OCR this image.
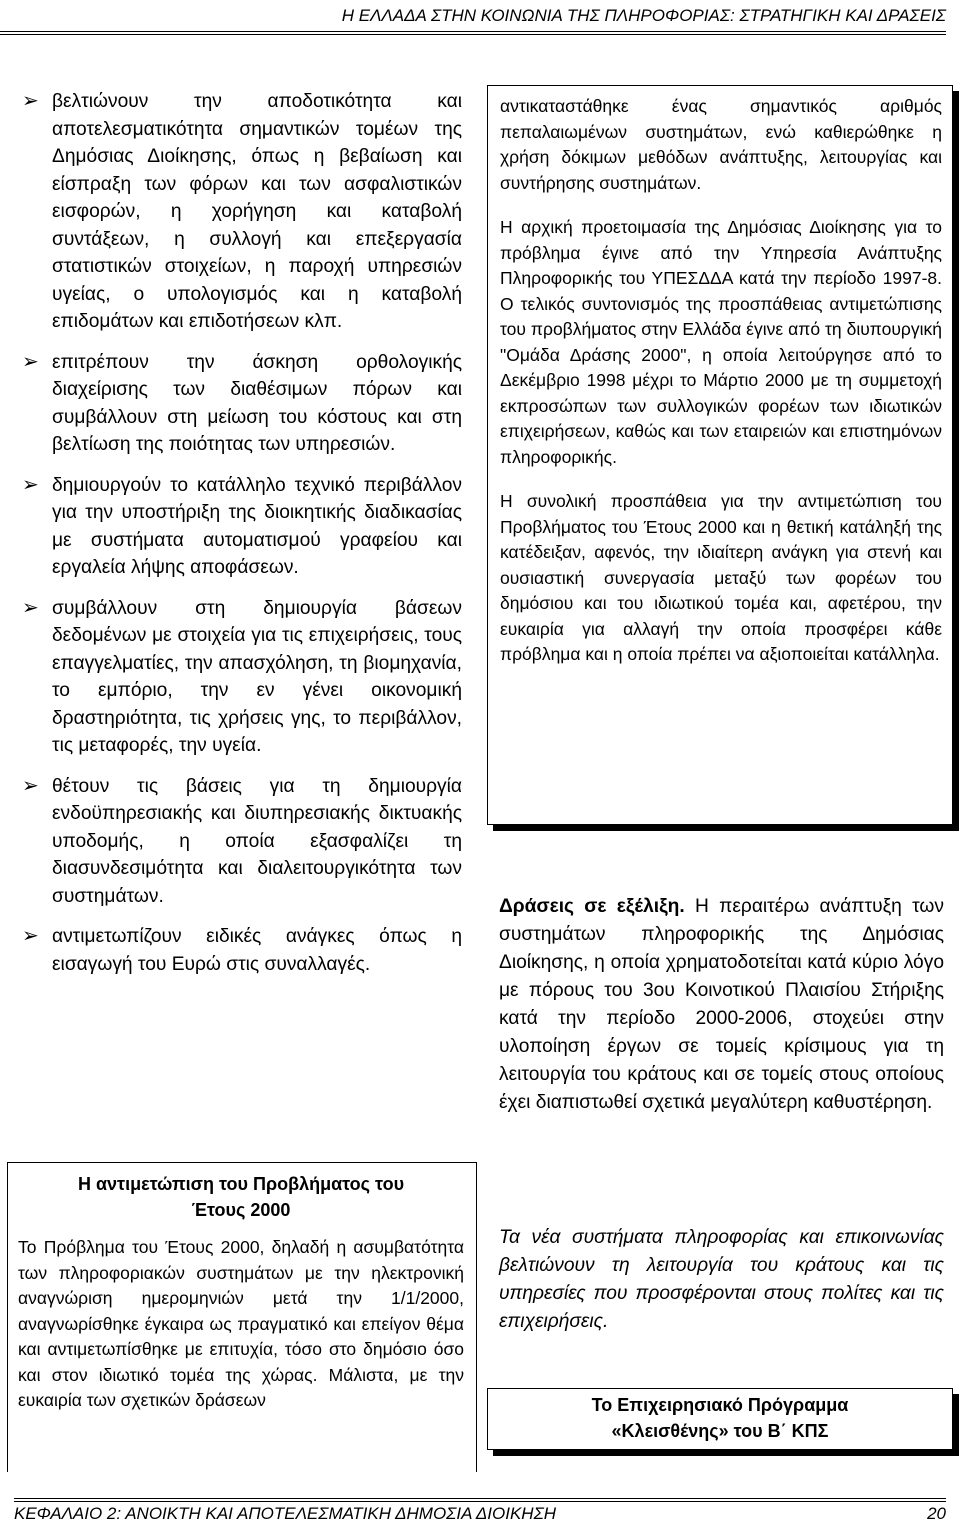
Η ΕΛΛΑΔΑ ΣΤΗΝ ΚΟΙΝΩΝΙΑ ΤΗΣ ΠΛΗΡΟΦΟΡΙΑΣ: ΣΤΡΑΤΗΓΙΚΗ ΚΑΙ ΔΡΑΣΕΙΣ
➢ βελτιώνουν την αποδοτικότητα και αποτελεσματικότητα σημαντικών τομέων της Δημόσιας Διοίκησης, όπως η βεβαίωση και είσπραξη των φόρων και των ασφαλιστικών εισφορών, η χορήγηση και καταβολή συντάξεων, η συλλογή και επεξεργασία στατιστικών στοιχείων, η παροχή υπηρεσιών υγείας, ο υπολογισμός και η καταβολή επιδομάτων και επιδοτήσεων κλπ.
➢ επιτρέπουν την άσκηση ορθολογικής διαχείρισης των διαθέσιμων πόρων και συμβάλλουν στη μείωση του κόστους και στη βελτίωση της ποιότητας των υπηρεσιών.
➢ δημιουργούν το κατάλληλο τεχνικό περιβάλλον για την υποστήριξη της διοικητικής διαδικασίας με συστήματα αυτοματισμού γραφείου και εργαλεία λήψης αποφάσεων.
➢ συμβάλλουν στη δημιουργία βάσεων δεδομένων με στοιχεία για τις επιχειρήσεις, τους επαγγελματίες, την απασχόληση, τη βιομηχανία, το εμπόριο, την εν γένει οικονομική δραστηριότητα, τις χρήσεις γης, το περιβάλλον, τις μεταφορές, την υγεία.
➢ θέτουν τις βάσεις για τη δημιουργία ενδοϋπηρεσιακής και διυπηρεσιακής δικτυακής υποδομής, η οποία εξασφαλίζει τη διασυνδεσιμότητα και διαλειτουργικότητα των συστημάτων.
➢ αντιμετωπίζουν ειδικές ανάγκες όπως η εισαγωγή του Ευρώ στις συναλλαγές.
Η αντιμετώπιση του Προβλήματος του
Έτους 2000
Το Πρόβλημα του Έτους 2000, δηλαδή η ασυμβατότητα των πληροφοριακών συστημάτων με την ηλεκτρονική αναγνώριση ημερομηνιών μετά την 1/1/2000, αναγνωρίσθηκε έγκαιρα ως πραγματικό και επείγον θέμα και αντιμετωπίσθηκε με επιτυχία, τόσο στο δημόσιο όσο και στον ιδιωτικό τομέα της χώρας. Μάλιστα, με την ευκαιρία των σχετικών δράσεων

αντικαταστάθηκε ένας σημαντικός αριθμός πεπαλαιωμένων συστημάτων, ενώ καθιερώθηκε η χρήση δόκιμων μεθόδων ανάπτυξης, λειτουργίας και συντήρησης συστημάτων.

Η αρχική προετοιμασία της Δημόσιας Διοίκησης για το πρόβλημα έγινε από την Υπηρεσία Ανάπτυξης Πληροφορικής του ΥΠΕΣΔΔΑ κατά την περίοδο 1997-8. Ο τελικός συντονισμός της προσπάθειας αντιμετώπισης του προβλήματος στην Ελλάδα έγινε από τη διυπουργική "Ομάδα Δράσης 2000", η οποία λειτούργησε από το Δεκέμβριο 1998 μέχρι το Μάρτιο 2000 με τη συμμετοχή εκπροσώπων των συλλογικών φορέων των ιδιωτικών επιχειρήσεων, καθώς και των εταιρειών και επιστημόνων πληροφορικής.

Η συνολική προσπάθεια για την αντιμετώπιση του Προβλήματος του Έτους 2000 και η θετική κατάληξή της κατέδειξαν, αφενός, την ιδιαίτερη ανάγκη για στενή και ουσιαστική συνεργασία μεταξύ των φορέων του δημόσιου και του ιδιωτικού τομέα και, αφετέρου, την ευκαιρία για αλλαγή την οποία προσφέρει κάθε πρόβλημα και η οποία πρέπει να αξιοποιείται κατάλληλα.

Δράσεις σε εξέλιξη. Η περαιτέρω ανάπτυξη των συστημάτων πληροφορικής της Δημόσιας Διοίκησης, η οποία χρηματοδοτείται κατά κύριο λόγο με πόρους του 3ου Κοινοτικού Πλαισίου Στήριξης κατά την περίοδο 2000-2006, στοχεύει στην υλοποίηση έργων σε τομείς κρίσιμους για τη λειτουργία του κράτους και σε τομείς στους οποίους έχει διαπιστωθεί σχετικά μεγαλύτερη καθυστέρηση.
Τα νέα συστήματα πληροφορίας και επικοινωνίας βελτιώνουν τη λειτουργία του κράτους και τις υπηρεσίες που προσφέρονται στους πολίτες και τις επιχειρήσεις.
Το Επιχειρησιακό Πρόγραμμα
«Κλεισθένης» του Β΄ ΚΠΣ
ΚΕΦΑΛΑΙΟ 2: ΑΝΟΙΚΤΗ ΚΑΙ ΑΠΟΤΕΛΕΣΜΑΤΙΚΗ ΔΗΜΟΣΙΑ ΔΙΟΙΚΗΣΗ	20
